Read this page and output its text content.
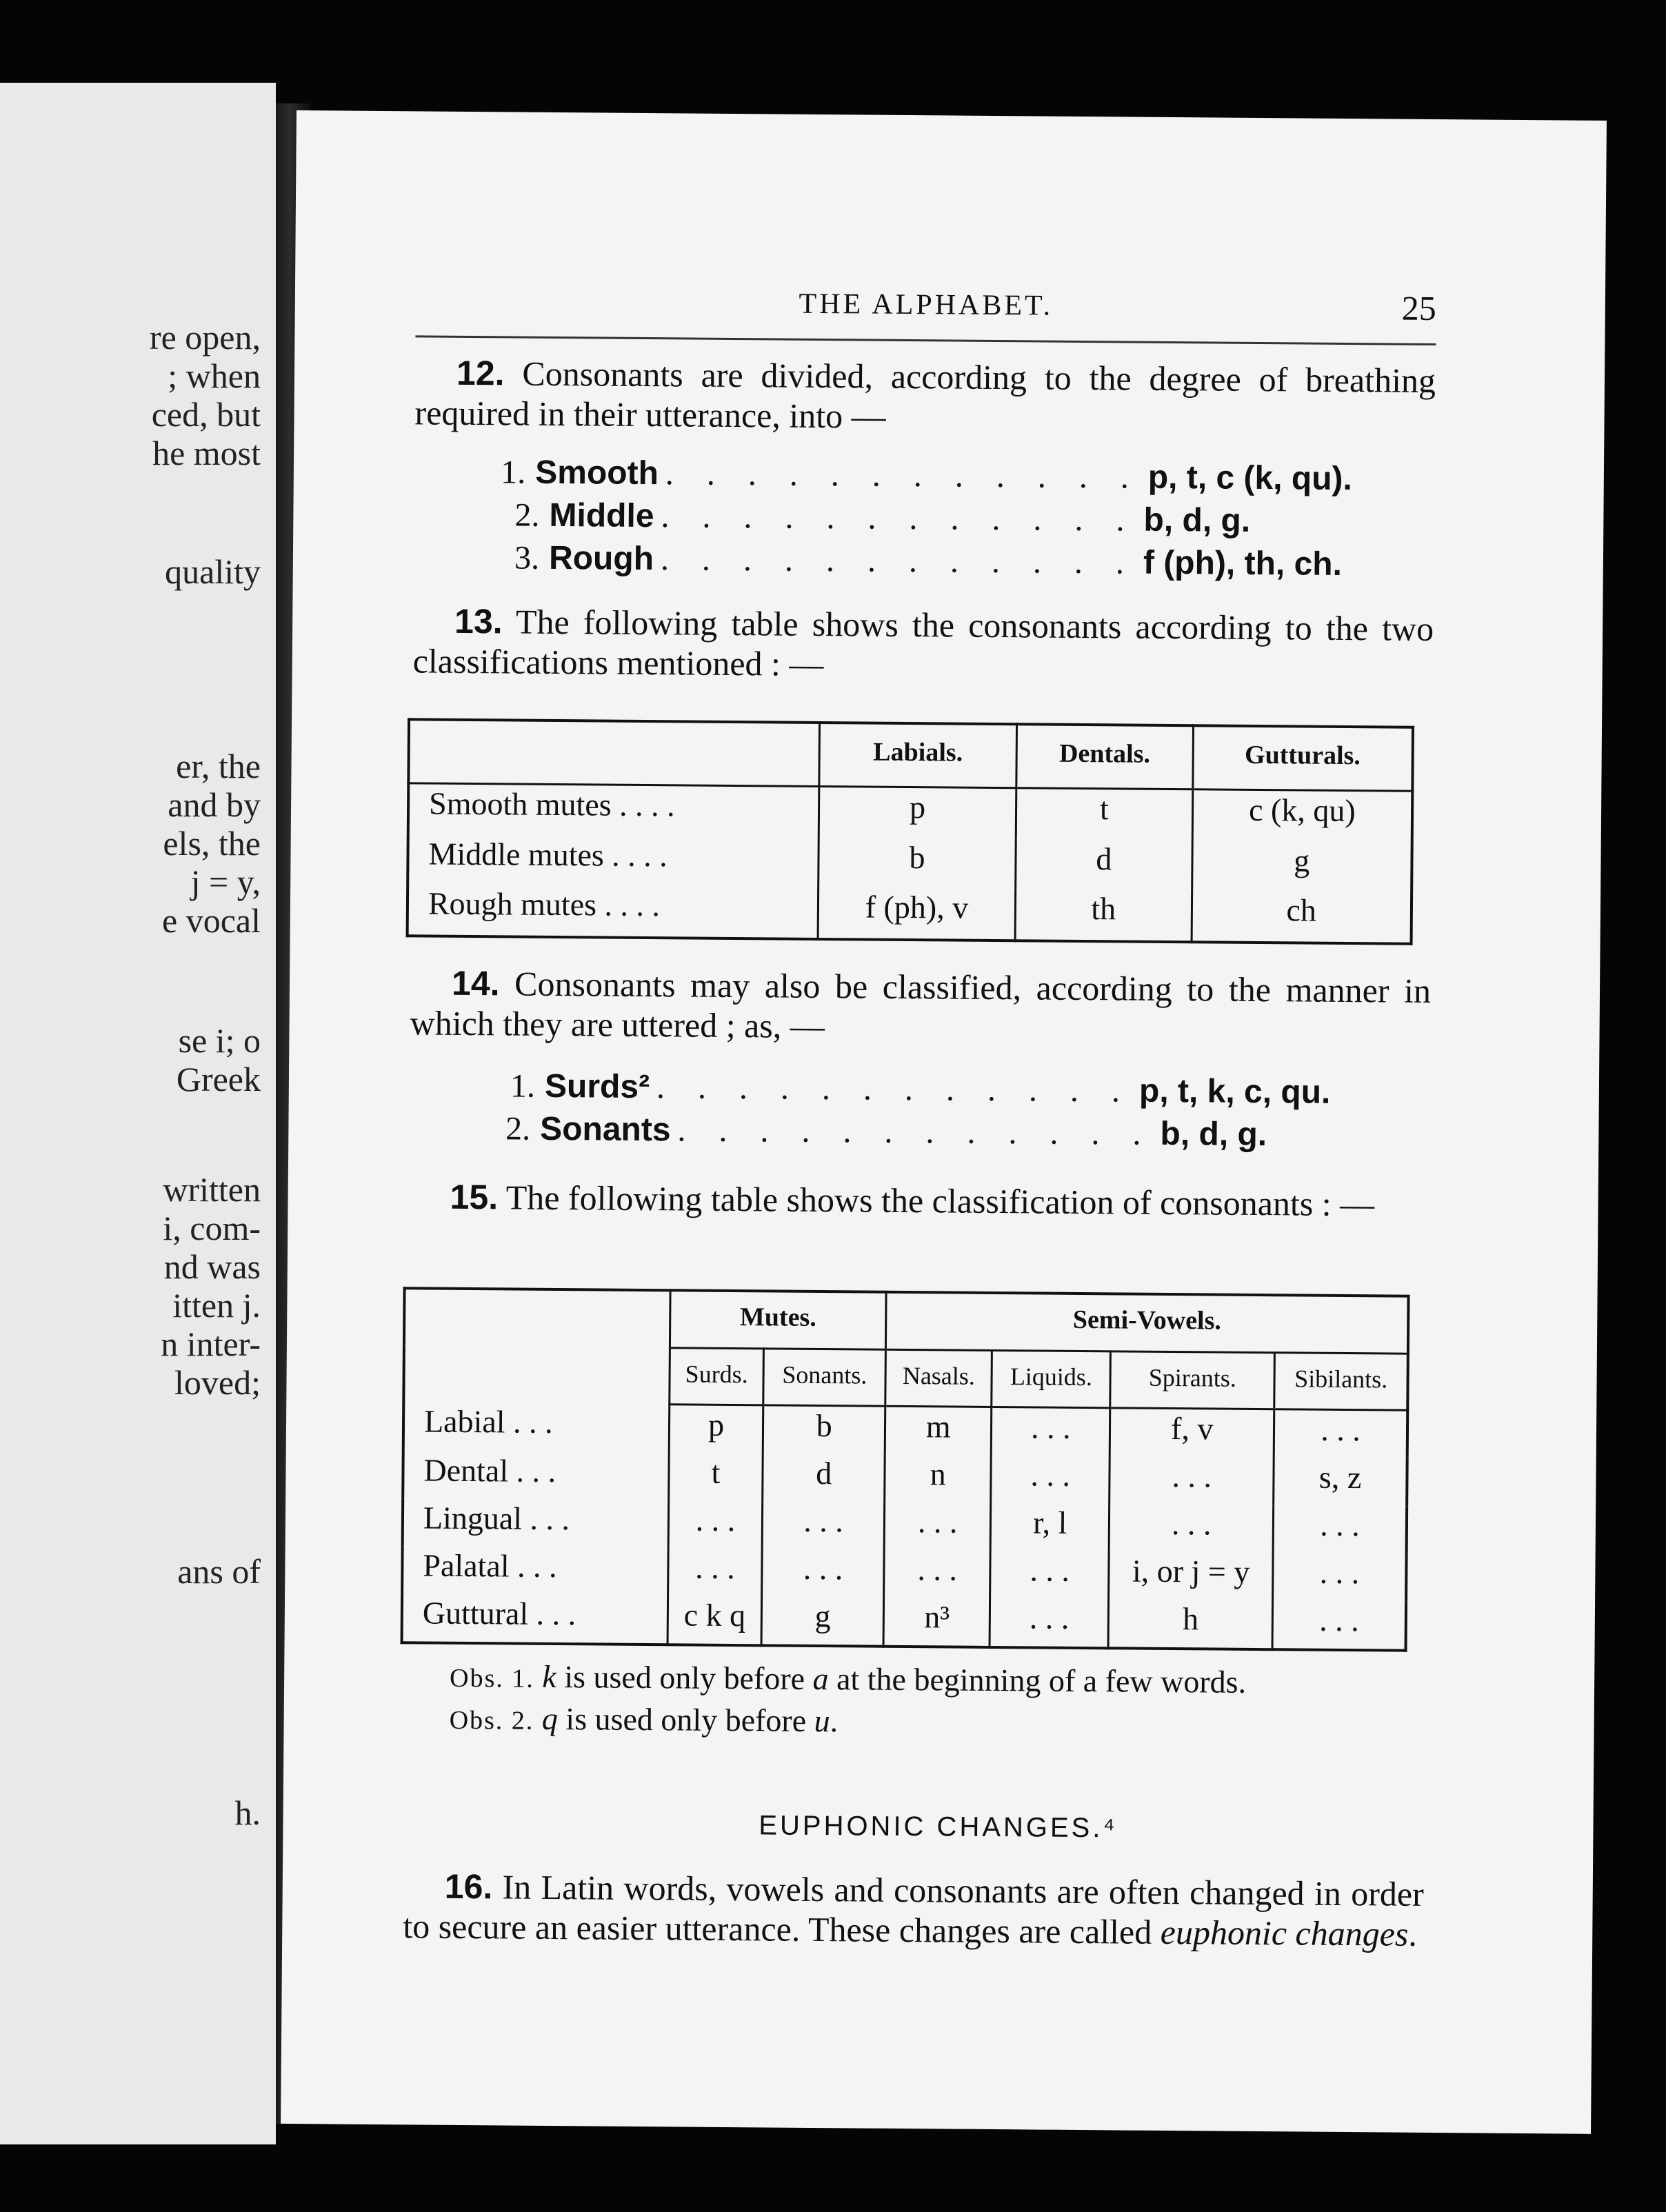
re open,
; when
ced, but
he most
quality
er, the
and by
els, the
j = y,
e vocal
se i; o
Greek
written
i, com-
nd was
itten j.
n inter-
loved;
ans of
h.
THE ALPHABET.	25

12. Consonants are divided, according to the degree of breathing required in their utterance, into —

1. Smooth . . . . . . . . . . . . p, t, c (k, qu).
2. Middle . . . . . . . . . . . . b, d, g.
3. Rough . . . . . . . . . . . . f (ph), th, ch.

13. The following table shows the consonants according to the two classifications mentioned : —

	Labials.	Dentals.	Gutturals.
Smooth mutes . . . .	p	t	c (k, qu)
Middle mutes . . . .	b	d	g
Rough mutes . . . .	f (ph), v	th	ch

14. Consonants may also be classified, according to the manner in which they are uttered ; as, —

1. Surds² . . . . . . . . . . . . p, t, k, c, qu.
2. Sonants . . . . . . . . . . . . b, d, g.

15. The following table shows the classification of consonants : —

	Mutes.		Semi-Vowels.			
	Surds.	Sonants.	Nasals.	Liquids.	Spirants.	Sibilants.
Labial . . .	p	b	m	. . .	f, v	. . .
Dental . . .	t	d	n	. . .	. . .	s, z
Lingual . . .	. . .	. . .	. . .	r, l	. . .	. . .
Palatal . . .	. . .	. . .	. . .	. . .	i, or j = y	. . .
Guttural . . .	c k q	g	n³	. . .	h	. . .
Obs. 1. k is used only before a at the beginning of a few words.
Obs. 2. q is used only before u.
EUPHONIC CHANGES.⁴

16. In Latin words, vowels and consonants are often changed in order to secure an easier utterance. These changes are called euphonic changes.
